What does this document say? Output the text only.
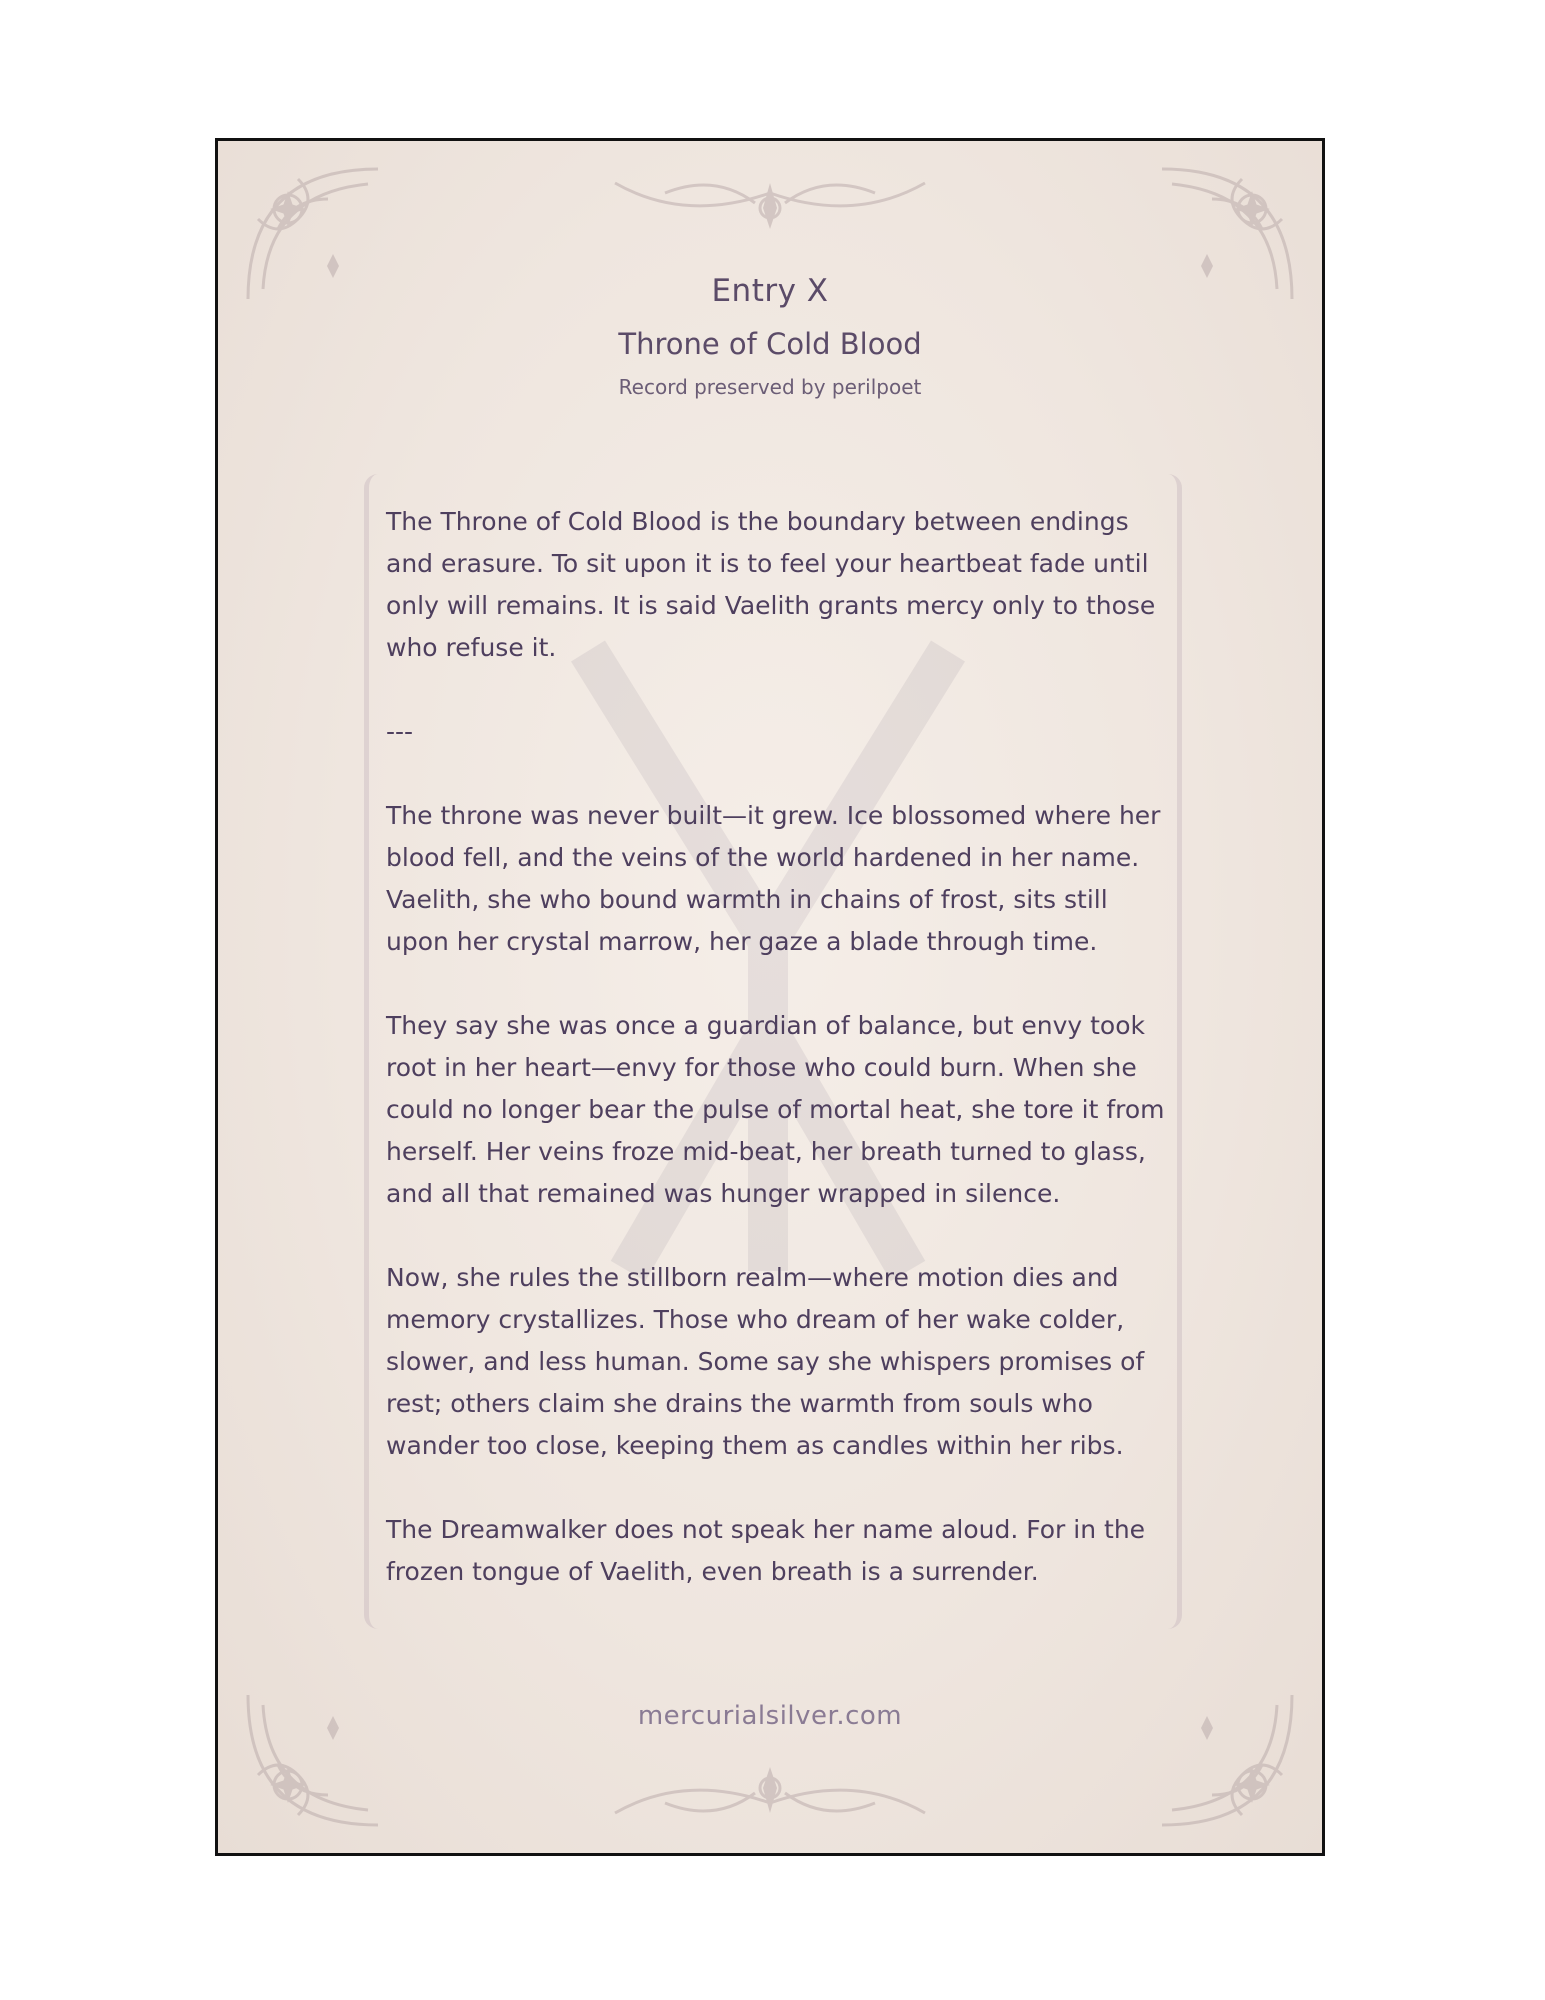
Entry X
Throne of Cold Blood
Record preserved by perilpoet

The Throne of Cold Blood is the boundary between endings and erasure. To sit upon it is to feel your heartbeat fade until only will remains. It is said Vaelith grants mercy only to those who refuse it.

---

The throne was never built—it grew. Ice blossomed where her blood fell, and the veins of the world hardened in her name. Vaelith, she who bound warmth in chains of frost, sits still upon her crystal marrow, her gaze a blade through time.

They say she was once a guardian of balance, but envy took root in her heart—envy for those who could burn. When she could no longer bear the pulse of mortal heat, she tore it from herself. Her veins froze mid-beat, her breath turned to glass, and all that remained was hunger wrapped in silence.

Now, she rules the stillborn realm—where motion dies and memory crystallizes. Those who dream of her wake colder, slower, and less human. Some say she whispers promises of rest; others claim she drains the warmth from souls who wander too close, keeping them as candles within her ribs.

The Dreamwalker does not speak her name aloud. For in the frozen tongue of Vaelith, even breath is a surrender.

mercurialsilver.com
